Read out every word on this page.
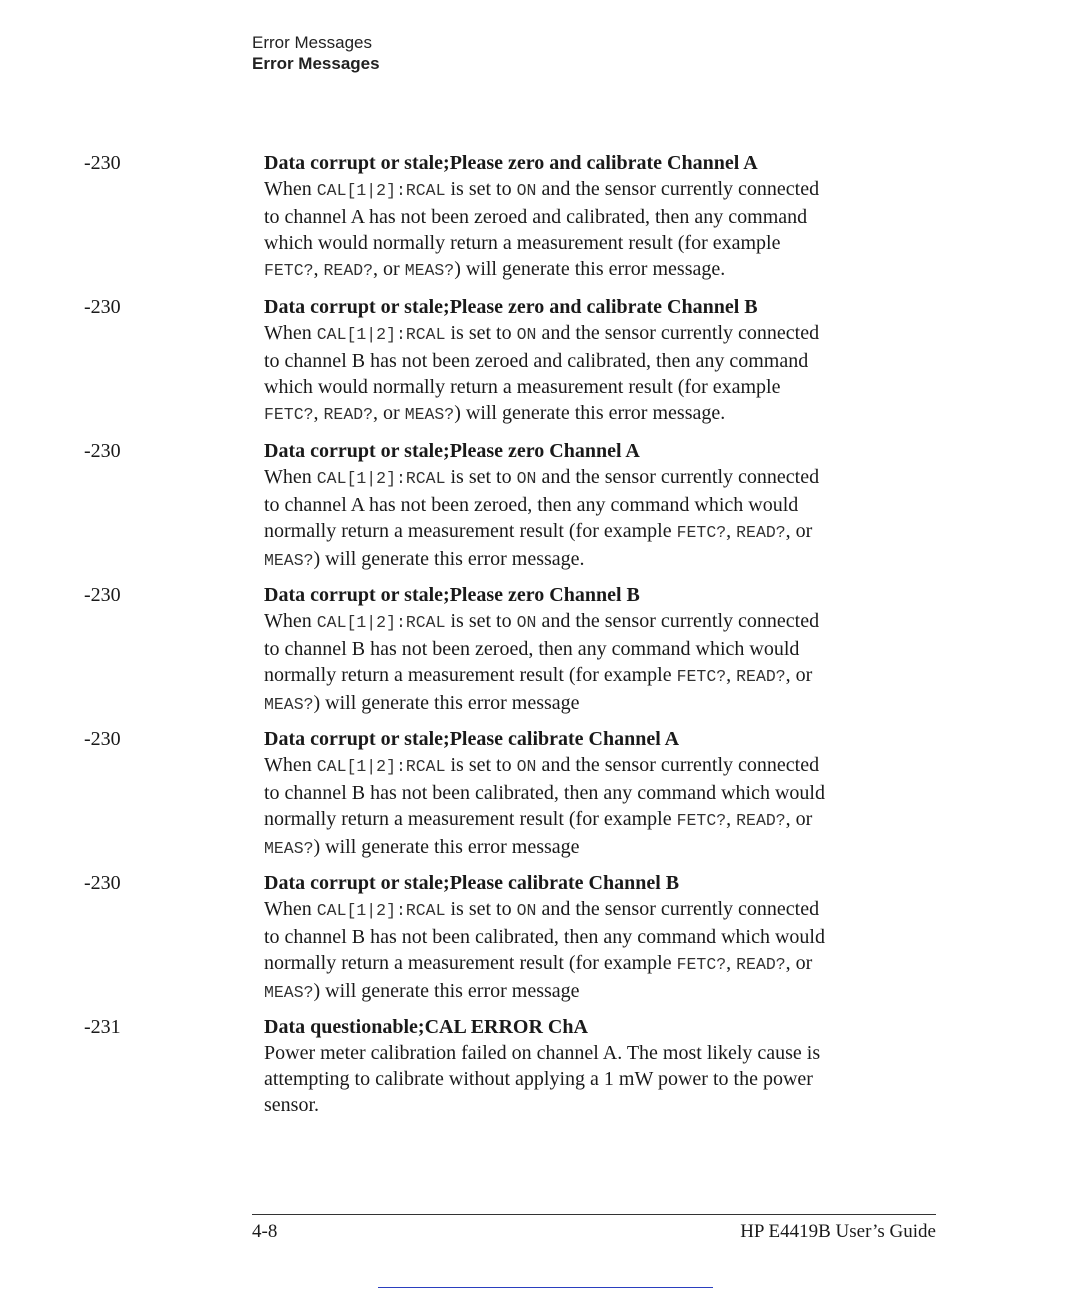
Error Messages
Error Messages
-230	Data corrupt or stale;Please zero and calibrate Channel A
When CAL[1|2]:RCAL is set to ON and the sensor currently connected
to channel A has not been zeroed and calibrated, then any command
which would normally return a measurement result (for example
FETC?, READ?, or MEAS?) will generate this error message.
-230	Data corrupt or stale;Please zero and calibrate Channel B
When CAL[1|2]:RCAL is set to ON and the sensor currently connected
to channel B has not been zeroed and calibrated, then any command
which would normally return a measurement result (for example
FETC?, READ?, or MEAS?) will generate this error message.
-230	Data corrupt or stale;Please zero Channel A
When CAL[1|2]:RCAL is set to ON and the sensor currently connected
to channel A has not been zeroed, then any command which would
normally return a measurement result (for example FETC?, READ?, or
MEAS?) will generate this error message.
-230	Data corrupt or stale;Please zero Channel B
When CAL[1|2]:RCAL is set to ON and the sensor currently connected
to channel B has not been zeroed, then any command which would
normally return a measurement result (for example FETC?, READ?, or
MEAS?) will generate this error message
-230	Data corrupt or stale;Please calibrate Channel A
When CAL[1|2]:RCAL is set to ON and the sensor currently connected
to channel B has not been calibrated, then any command which would
normally return a measurement result (for example FETC?, READ?, or
MEAS?) will generate this error message
-230	Data corrupt or stale;Please calibrate Channel B
When CAL[1|2]:RCAL is set to ON and the sensor currently connected
to channel B has not been calibrated, then any command which would
normally return a measurement result (for example FETC?, READ?, or
MEAS?) will generate this error message
-231	Data questionable;CAL ERROR ChA
Power meter calibration failed on channel A. The most likely cause is
attempting to calibrate without applying a 1 mW power to the power
sensor.
4-8	HP E4419B User’s Guide
